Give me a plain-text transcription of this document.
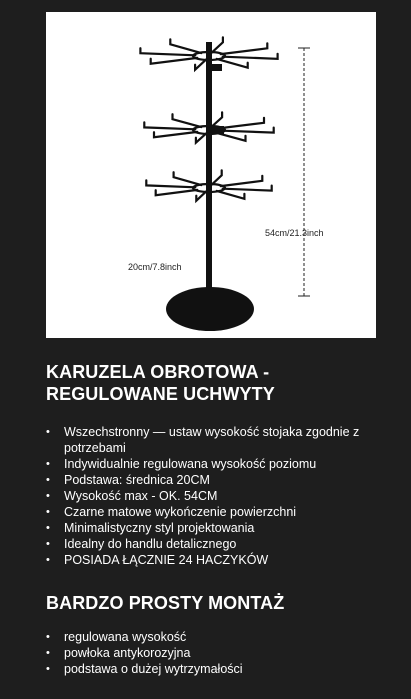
54cm/21.3inch
20cm/7.8inch
KARUZELA OBROTOWA -
REGULOWANE UCHWYTY
• Wszechstronny — ustaw wysokość stojaka zgodnie z potrzebami
• Indywidualnie regulowana wysokość poziomu
• Podstawa: średnica 20CM
• Wysokość max - OK. 54CM
• Czarne matowe wykończenie powierzchni
• Minimalistyczny styl projektowania
• Idealny do handlu detalicznego
• POSIADA ŁĄCZNIE 24 HACZYKÓW
BARDZO PROSTY MONTAŻ
• regulowana wysokość
• powłoka antykorozyjna
• podstawa o dużej wytrzymałości
